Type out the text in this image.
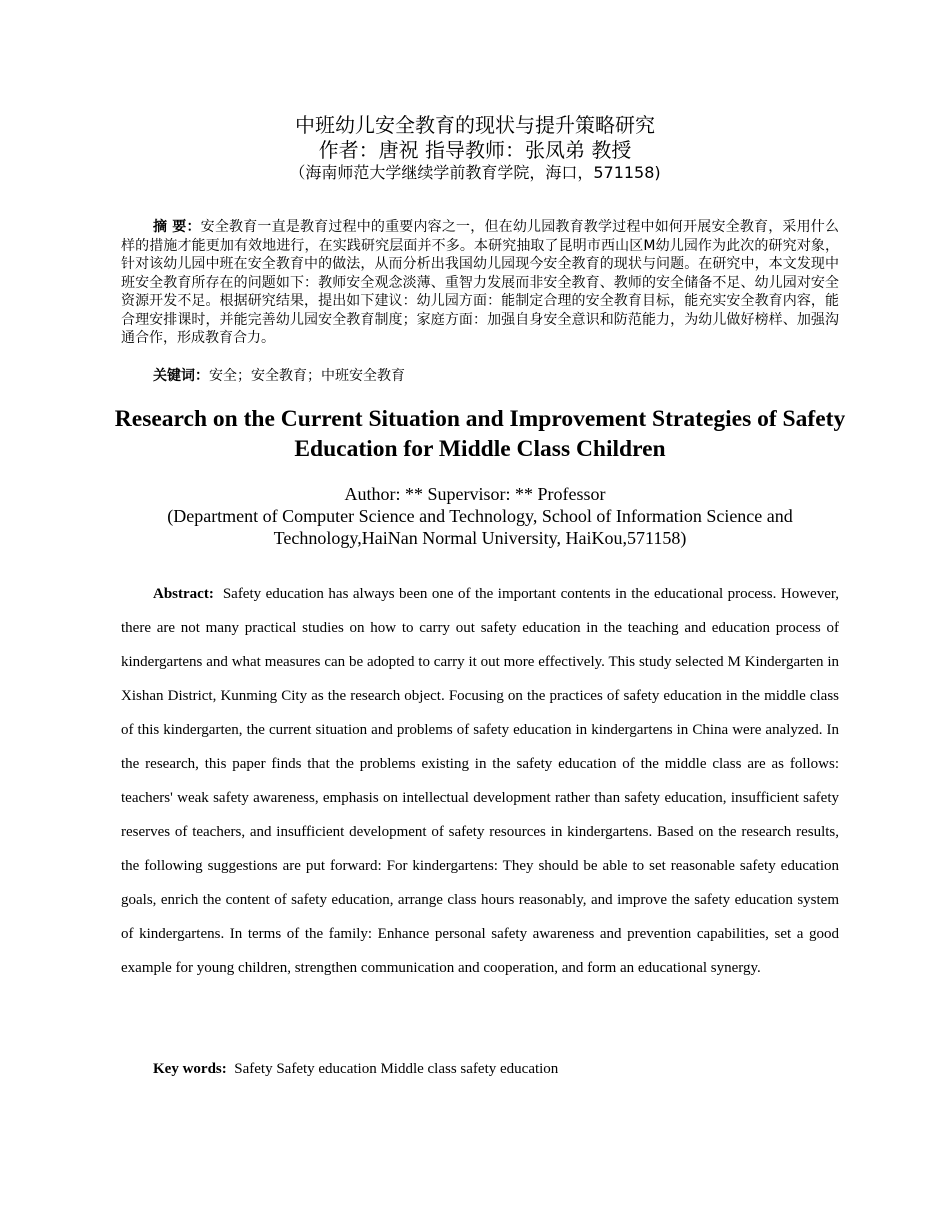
中班幼儿安全教育的现状与提升策略研究
作者：唐祝 指导教师：张凤弟 教授
（海南师范大学继续学前教育学院，海口，571158)

摘 要：安全教育一直是教育过程中的重要内容之一，但在幼儿园教育教学过程中如何开展安全教育，采用什么样的措施才能更加有效地进行，在实践研究层面并不多。本研究抽取了昆明市西山区M幼儿园作为此次的研究对象，针对该幼儿园中班在安全教育中的做法，从而分析出我国幼儿园现今安全教育的现状与问题。在研究中，本文发现中班安全教育所存在的问题如下：教师安全观念淡薄、重智力发展而非安全教育、教师的安全储备不足、幼儿园对安全资源开发不足。根据研究结果，提出如下建议：幼儿园方面：能制定合理的安全教育目标，能充实安全教育内容，能合理安排课时，并能完善幼儿园安全教育制度；家庭方面：加强自身安全意识和防范能力，为幼儿做好榜样、加强沟通合作，形成教育合力。

关键词：安全；安全教育；中班安全教育
Research on the Current Situation and Improvement Strategies of Safety Education for Middle Class Children
Author: ** Supervisor: ** Professor

(Department of Computer Science and Technology, School of Information Science and Technology,HaiNan Normal University, HaiKou,571158)

Abstract: Safety education has always been one of the important contents in the educational process. However, there are not many practical studies on how to carry out safety education in the teaching and education process of kindergartens and what measures can be adopted to carry it out more effectively. This study selected M Kindergarten in Xishan District, Kunming City as the research object. Focusing on the practices of safety education in the middle class of this kindergarten, the current situation and problems of safety education in kindergartens in China were analyzed. In the research, this paper finds that the problems existing in the safety education of the middle class are as follows: teachers' weak safety awareness, emphasis on intellectual development rather than safety education, insufficient safety reserves of teachers, and insufficient development of safety resources in kindergartens. Based on the research results, the following suggestions are put forward: For kindergartens: They should be able to set reasonable safety education goals, enrich the content of safety education, arrange class hours reasonably, and improve the safety education system of kindergartens. In terms of the family: Enhance personal safety awareness and prevention capabilities, set a good example for young children, strengthen communication and cooperation, and form an educational synergy.

Key words: Safety Safety education Middle class safety education
